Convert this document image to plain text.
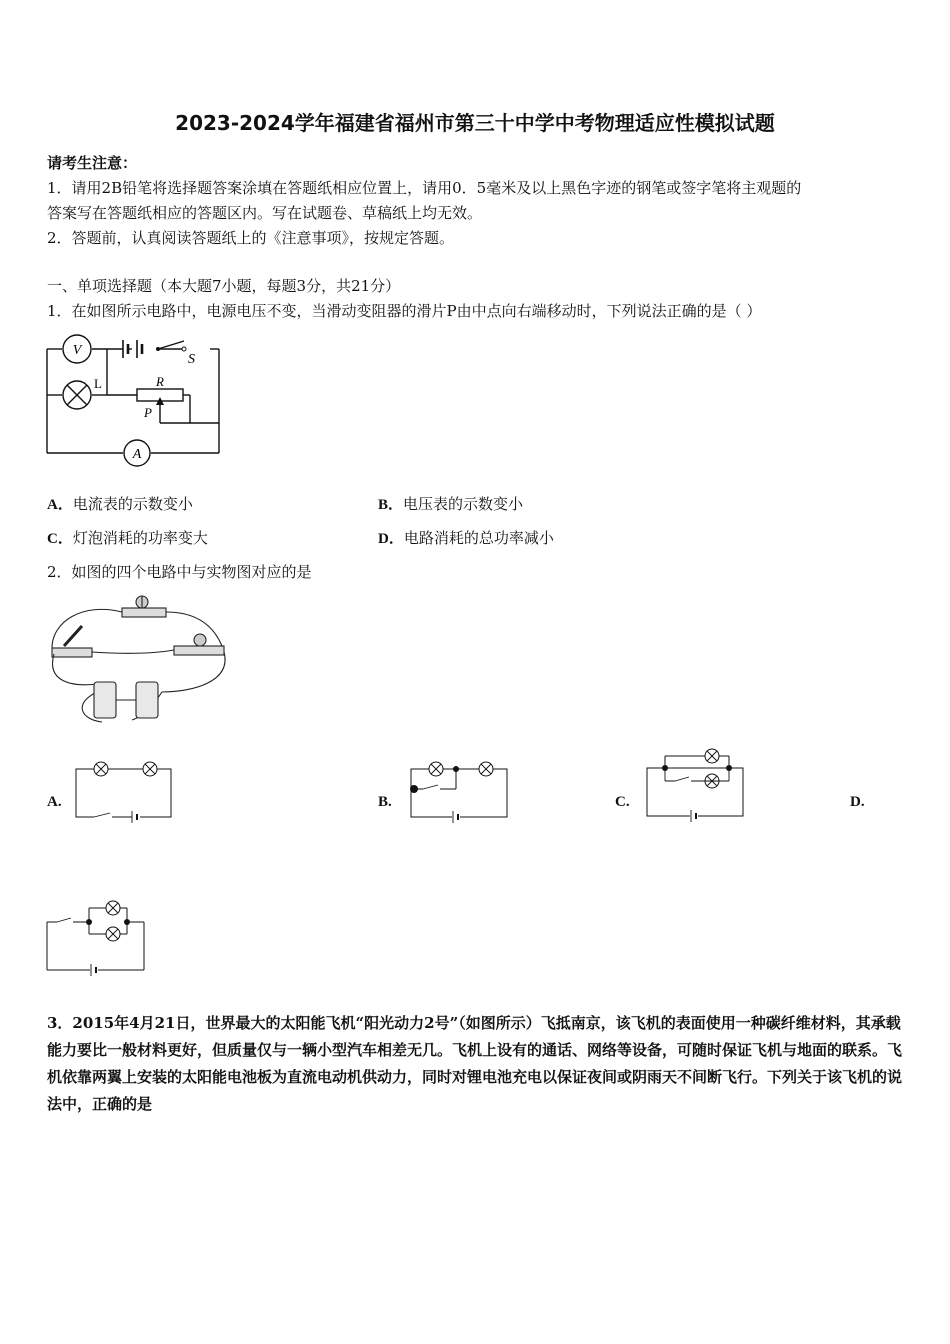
2023-2024学年福建省福州市第三十中学中考物理适应性模拟试题
请考生注意：
1．请用2B铅笔将选择题答案涂填在答题纸相应位置上，请用0．5毫米及以上黑色字迹的钢笔或签字笔将主观题的
答案写在答题纸相应的答题区内。写在试题卷、草稿纸上均无效。
2．答题前，认真阅读答题纸上的《注意事项》，按规定答题。
一、单项选择题（本大题7小题，每题3分，共21分）
1．在如图所示电路中，电源电压不变，当滑动变阻器的滑片P由中点向右端移动时，下列说法正确的是（ ）
V
S
L	R
P
A
A．电流表的示数变小	B．电压表的示数变小
C．灯泡消耗的功率变大	D．电路消耗的总功率减小
2．如图的四个电路中与实物图对应的是
A.	B.	C.	D.
3．2015年4月21日，世界最大的太阳能飞机“阳光动力2号”（如图所示）飞抵南京，该飞机的表面使用一种碳纤维材料，其承载能力要比一般材料更好，但质量仅与一辆小型汽车相差无几。飞机上设有的通话、网络等设备，可随时保证飞机与地面的联系。飞机依靠两翼上安装的太阳能电池板为直流电动机供动力，同时对锂电池充电以保证夜间或阴雨天不间断飞行。下列关于该飞机的说法中，正确的是
